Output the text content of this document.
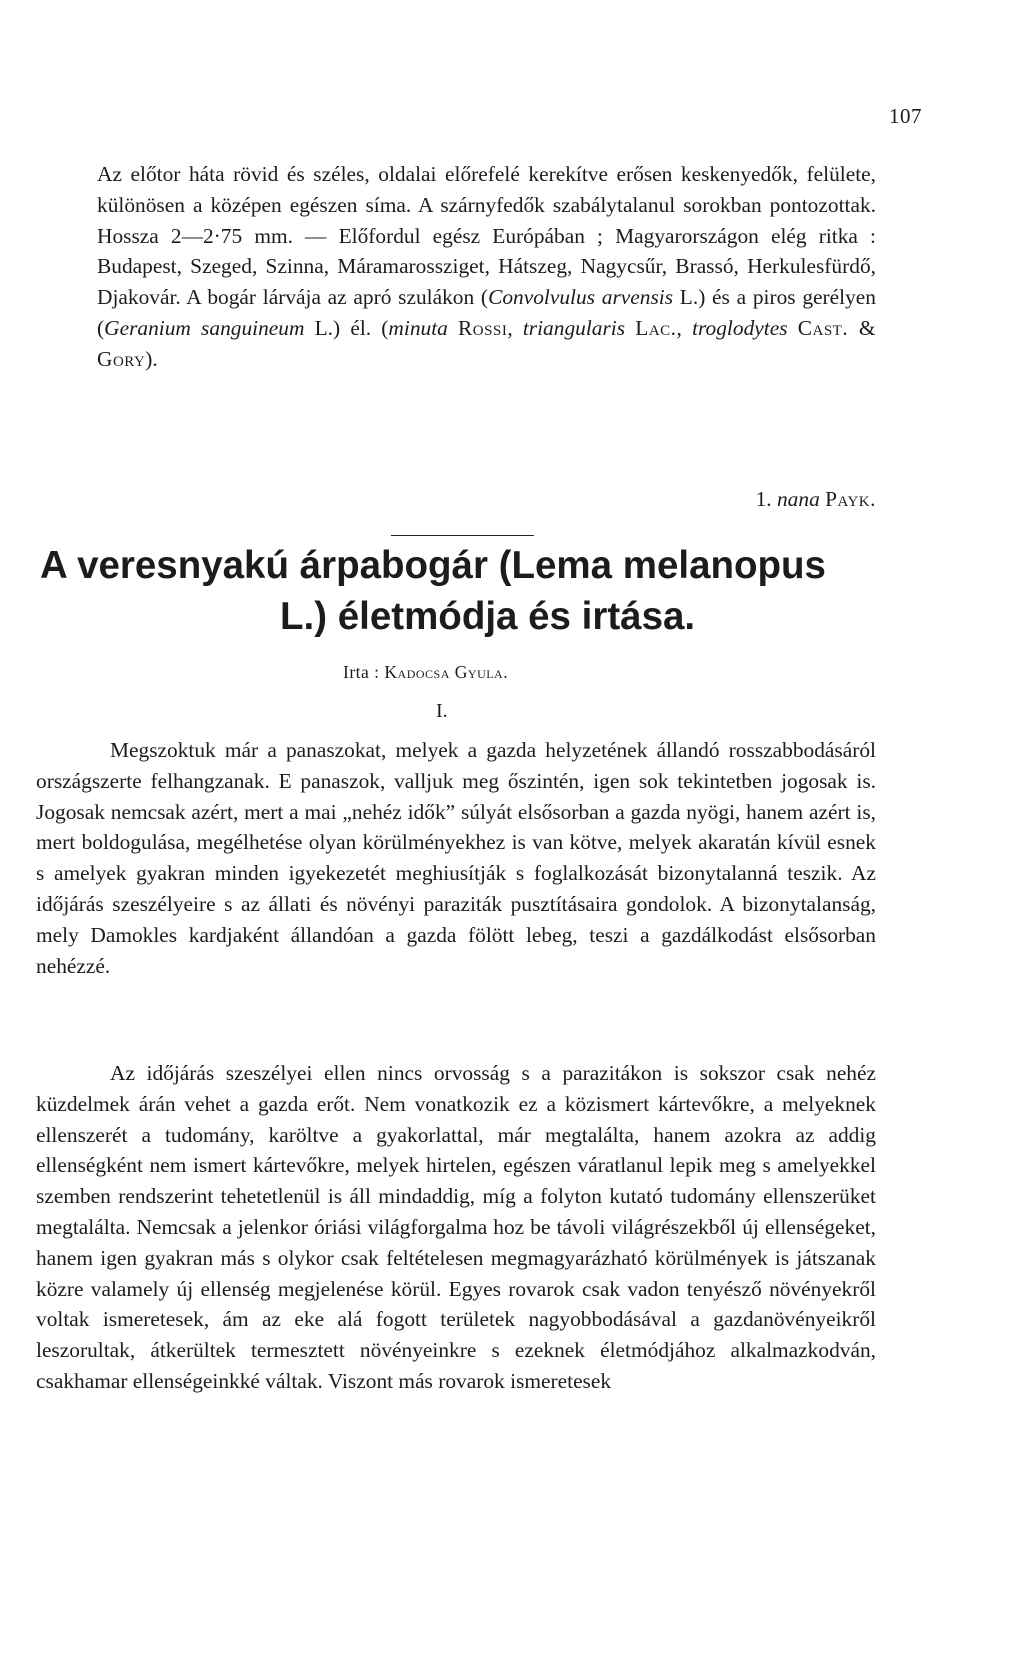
107

Az előtor háta rövid és széles, oldalai előrefelé kerekítve erősen keskenyedők, felülete, különösen a középen egészen síma. A szárnyfedők szabálytalanul sorokban pontozottak. Hossza 2—2·75 mm. — Előfordul egész Európában ; Magyarországon elég ritka : Budapest, Szeged, Szinna, Máramarossziget, Hátszeg, Nagycsűr, Brassó, Herkulesfürdő, Djakovár. A bogár lárvája az apró szulákon (Convolvulus arvensis L.) és a piros gerélyen (Geranium sanguineum L.) él. (minuta Rossi, triangularis Lac., troglodytes Cast. & Gory).

1. nana Payk.
A veresnyakú árpabogár (Lema melanopus
L.) életmódja és irtása.
Irta : Kadocsa Gyula.
I.

Megszoktuk már a panaszokat, melyek a gazda helyzetének állandó rosszabbodásáról országszerte felhangzanak. E panaszok, valljuk meg őszintén, igen sok tekintetben jogosak is. Jogosak nemcsak azért, mert a mai „nehéz idők” súlyát elsősorban a gazda nyögi, hanem azért is, mert boldogulása, megélhetése olyan körülményekhez is van kötve, melyek akaratán kívül esnek s amelyek gyakran minden igyekezetét meghiusítják s foglalkozását bizonytalanná teszik. Az időjárás szeszélyeire s az állati és növényi paraziták pusztításaira gondolok. A bizonytalanság, mely Damokles kardjaként állandóan a gazda fölött lebeg, teszi a gazdálkodást elsősorban nehézzé.

Az időjárás szeszélyei ellen nincs orvosság s a parazitákon is sokszor csak nehéz küzdelmek árán vehet a gazda erőt. Nem vonatkozik ez a közismert kártevőkre, a melyeknek ellenszerét a tudomány, karöltve a gyakorlattal, már megtalálta, hanem azokra az addig ellenségként nem ismert kártevőkre, melyek hirtelen, egészen váratlanul lepik meg s amelyekkel szemben rendszerint tehetetlenül is áll mindaddig, míg a folyton kutató tudomány ellenszerüket megtalálta. Nemcsak a jelenkor óriási világforgalma hoz be távoli világrészekből új ellenségeket, hanem igen gyakran más s olykor csak feltételesen megmagyarázható körülmények is játszanak közre valamely új ellenség megjelenése körül. Egyes rovarok csak vadon tenyésző növényekről voltak ismeretesek, ám az eke alá fogott területek nagyobbodásával a gazdanövényeikről leszorultak, átkerültek termesztett növényeinkre s ezeknek életmódjához alkalmazkodván, csakhamar ellenségeinkké váltak. Viszont más rovarok ismeretesek
